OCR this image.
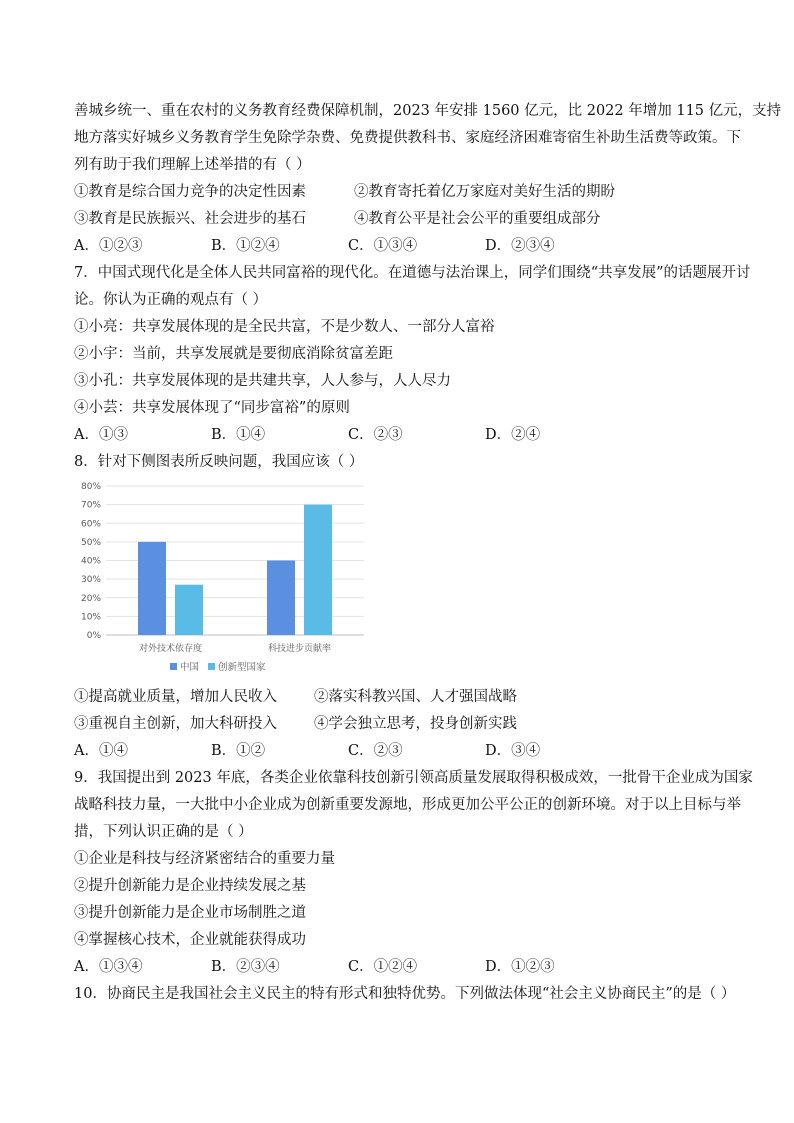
善城乡统一、重在农村的义务教育经费保障机制，2023 年安排 1560 亿元，比 2022 年增加 115 亿元，支持
地方落实好城乡义务教育学生免除学杂费、免费提供教科书、家庭经济困难寄宿生补助生活费等政策。下
列有助于我们理解上述举措的有（ ）
①教育是综合国力竞争的决定性因素	②教育寄托着亿万家庭对美好生活的期盼
③教育是民族振兴、社会进步的基石	④教育公平是社会公平的重要组成部分
A．①②③	B．①②④	C．①③④	D．②③④
7．中国式现代化是全体人民共同富裕的现代化。在道德与法治课上，同学们围绕“共享发展”的话题展开讨
论。你认为正确的观点有（ ）
①小亮：共享发展体现的是全民共富，不是少数人、一部分人富裕
②小宇：当前，共享发展就是要彻底消除贫富差距
③小孔：共享发展体现的是共建共享，人人参与，人人尽力
④小芸：共享发展体现了“同步富裕”的原则
A．①③	B．①④	C．②③	D．②④
8．针对下侧图表所反映问题，我国应该（ ）
0%
10%
20%
30%
40%
50%
60%
70%
80%
对外技术依存度	科技进步贡献率
中国 创新型国家
①提高就业质量，增加人民收入	②落实科教兴国、人才强国战略
③重视自主创新，加大科研投入	④学会独立思考，投身创新实践
A．①④	B．①②	C．②③	D．③④
9．我国提出到 2023 年底，各类企业依靠科技创新引领高质量发展取得积极成效，一批骨干企业成为国家
战略科技力量，一大批中小企业成为创新重要发源地，形成更加公平公正的创新环境。对于以上目标与举
措，下列认识正确的是（ ）
①企业是科技与经济紧密结合的重要力量
②提升创新能力是企业持续发展之基
③提升创新能力是企业市场制胜之道
④掌握核心技术，企业就能获得成功
A．①③④	B．②③④	C．①②④	D．①②③
10．协商民主是我国社会主义民主的特有形式和独特优势。下列做法体现“社会主义协商民主”的是（ ）
